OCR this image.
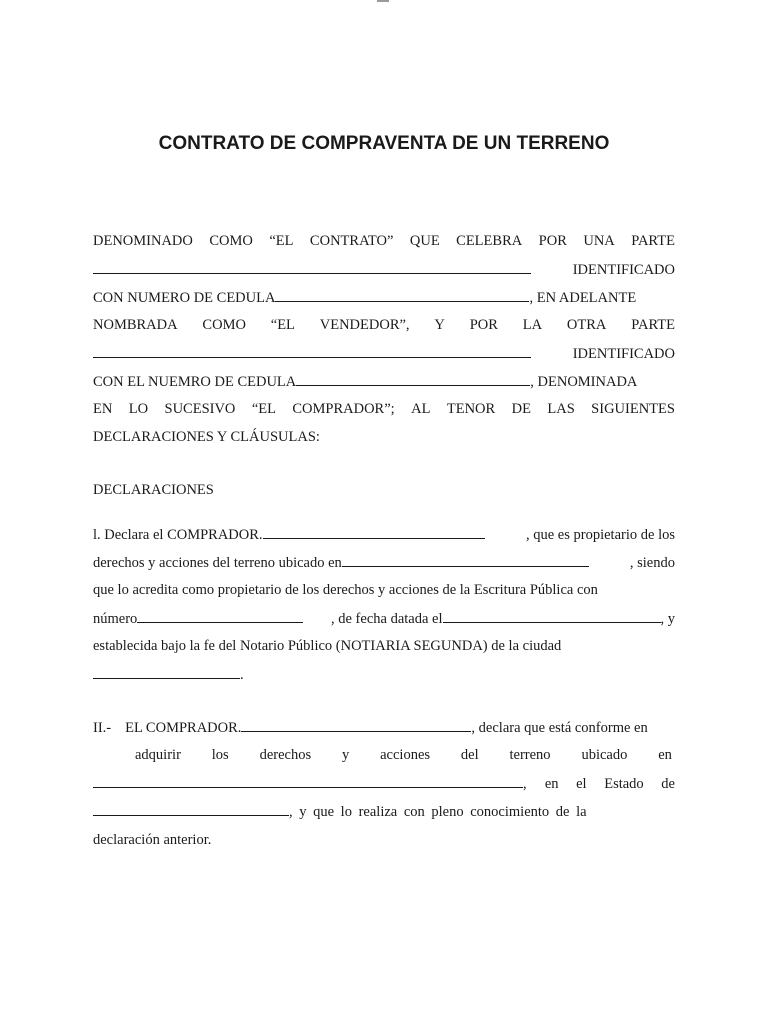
CONTRATO DE COMPRAVENTA DE UN TERRENO
DENOMINADO COMO “EL CONTRATO” QUE CELEBRA POR UNA PARTE
IDENTIFICADO
CON NUMERO DE CEDULA	, EN ADELANTE
NOMBRADA COMO “EL VENDEDOR”, Y POR LA OTRA PARTE
IDENTIFICADO
CON EL NUEMRO DE CEDULA	, DENOMINADA
EN LO SUCESIVO “EL COMPRADOR”; AL TENOR DE LAS SIGUIENTES
DECLARACIONES Y CLÁUSULAS:
DECLARACIONES
l. Declara el COMPRADOR.	, que es propietario de los
derechos y acciones del terreno ubicado en	, siendo
que lo acredita como propietario de los derechos y acciones de la Escritura Pública con
número	, de fecha datada el	, y
establecida bajo la fe del Notario Público (NOTIARIA SEGUNDA) de la ciudad
.
II.- EL COMPRADOR.	, declara que está conforme en
adquirir los derechos y acciones del terreno ubicado en
, en el Estado de
, y que lo realiza con pleno conocimiento de la
declaración anterior.
